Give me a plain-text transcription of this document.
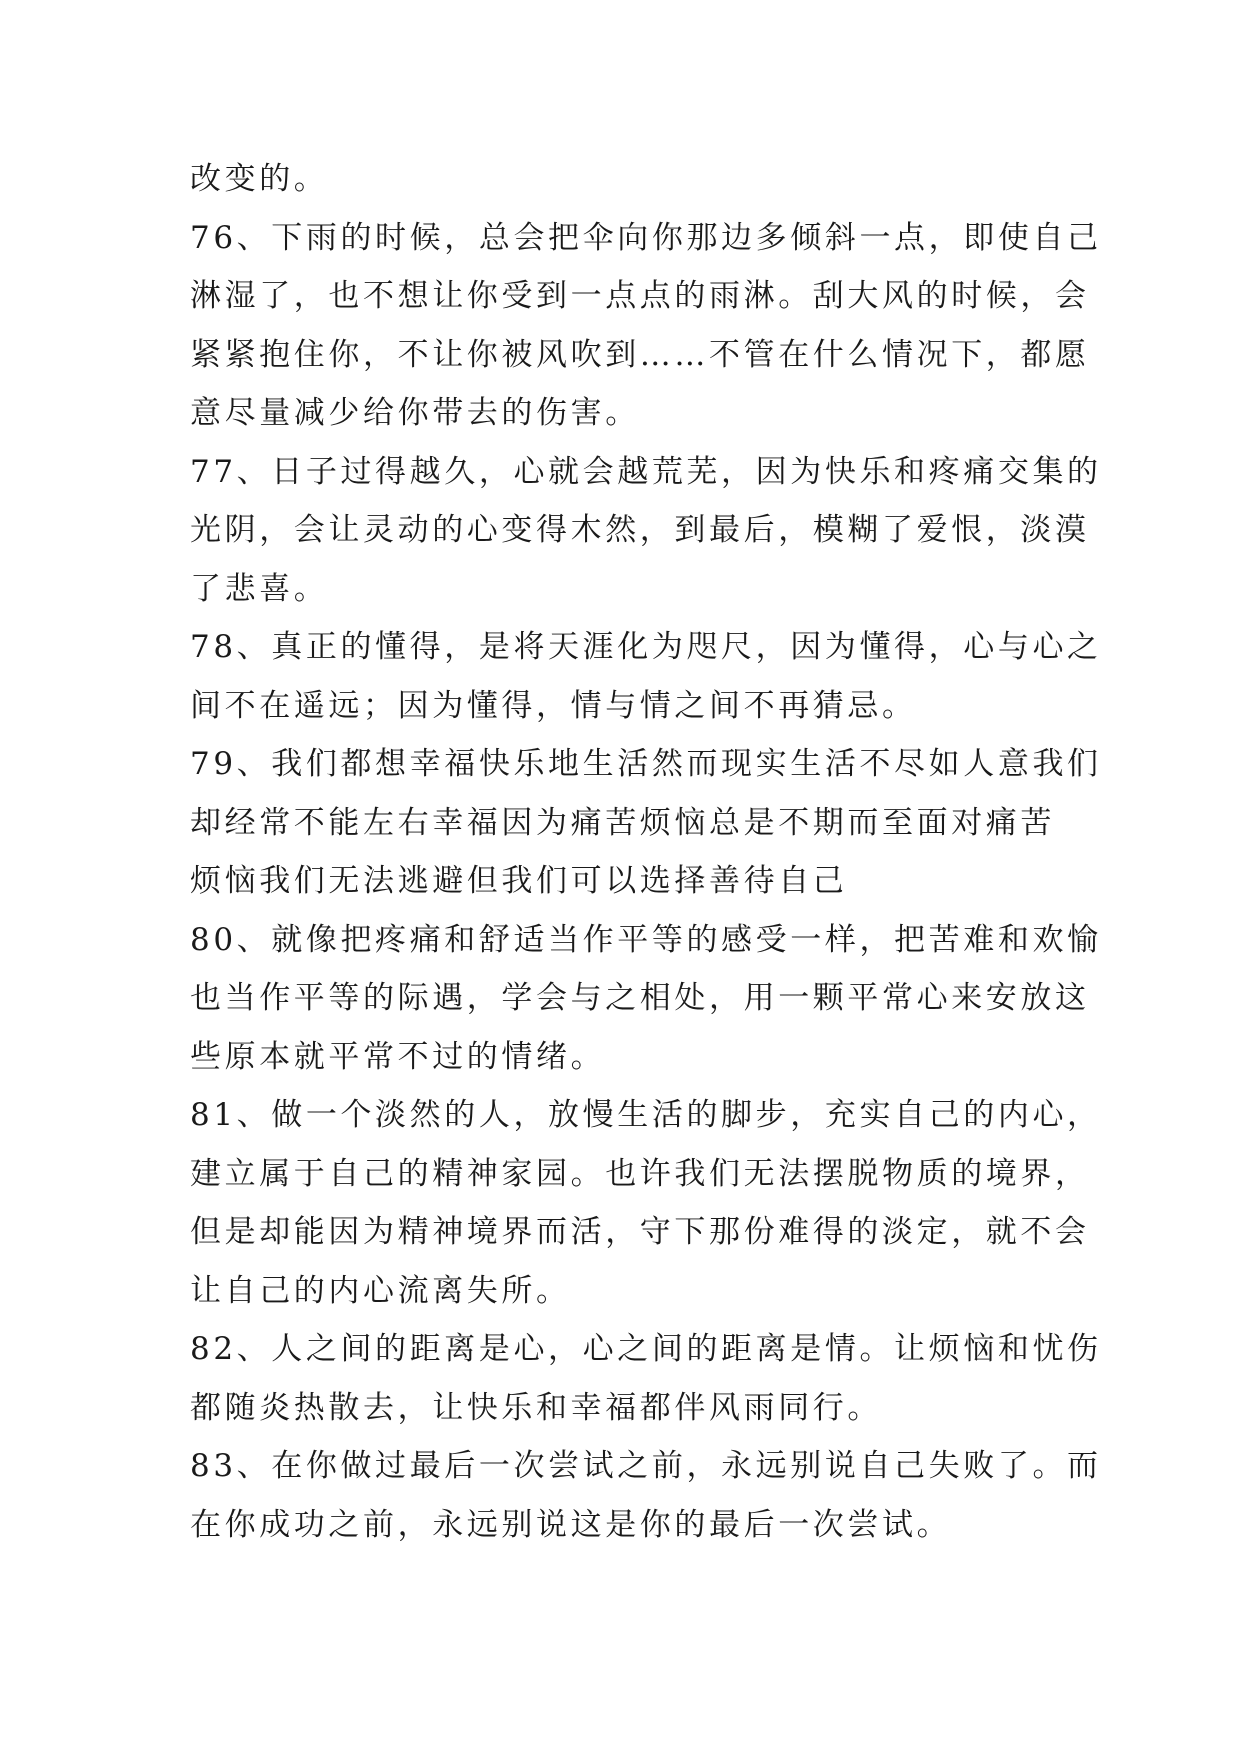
改变的。
76、下雨的时候，总会把伞向你那边多倾斜一点，即使自己
淋湿了，也不想让你受到一点点的雨淋。刮大风的时候，会
紧紧抱住你，不让你被风吹到……不管在什么情况下，都愿
意尽量减少给你带去的伤害。
77、日子过得越久，心就会越荒芜，因为快乐和疼痛交集的
光阴，会让灵动的心变得木然，到最后，模糊了爱恨，淡漠
了悲喜。
78、真正的懂得，是将天涯化为咫尺，因为懂得，心与心之
间不在遥远；因为懂得，情与情之间不再猜忌。
79、我们都想幸福快乐地生活然而现实生活不尽如人意我们
却经常不能左右幸福因为痛苦烦恼总是不期而至面对痛苦
烦恼我们无法逃避但我们可以选择善待自己
80、就像把疼痛和舒适当作平等的感受一样，把苦难和欢愉
也当作平等的际遇，学会与之相处，用一颗平常心来安放这
些原本就平常不过的情绪。
81、做一个淡然的人，放慢生活的脚步，充实自己的内心，
建立属于自己的精神家园。也许我们无法摆脱物质的境界，
但是却能因为精神境界而活，守下那份难得的淡定，就不会
让自己的内心流离失所。
82、人之间的距离是心，心之间的距离是情。让烦恼和忧伤
都随炎热散去，让快乐和幸福都伴风雨同行。
83、在你做过最后一次尝试之前，永远别说自己失败了。而
在你成功之前，永远别说这是你的最后一次尝试。
